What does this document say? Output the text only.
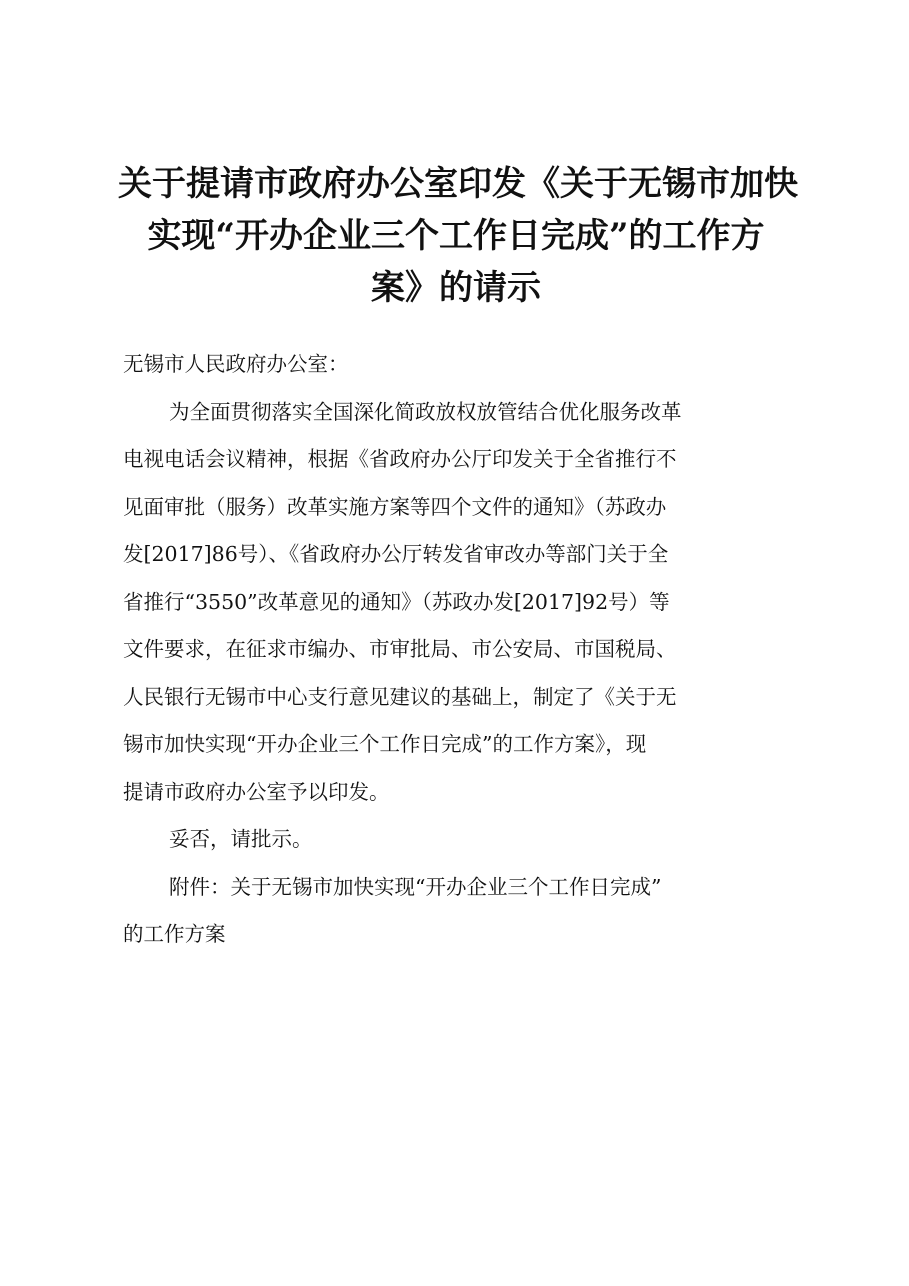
关于提请市政府办公室印发《关于无锡市加快
实现“开办企业三个工作日完成”的工作方
案》的请示

无锡市人民政府办公室：

为全面贯彻落实全国深化简政放权放管结合优化服务改革

电视电话会议精神，根据《省政府办公厅印发关于全省推行不

见面审批（服务）改革实施方案等四个文件的通知》（苏政办

发[2017]86号）、《省政府办公厅转发省审改办等部门关于全

省推行“3550”改革意见的通知》（苏政办发[2017]92号）等

文件要求，在征求市编办、市审批局、市公安局、市国税局、

人民银行无锡市中心支行意见建议的基础上，制定了《关于无

锡市加快实现“开办企业三个工作日完成”的工作方案》，现

提请市政府办公室予以印发。

妥否，请批示。

附件：关于无锡市加快实现“开办企业三个工作日完成”

的工作方案
